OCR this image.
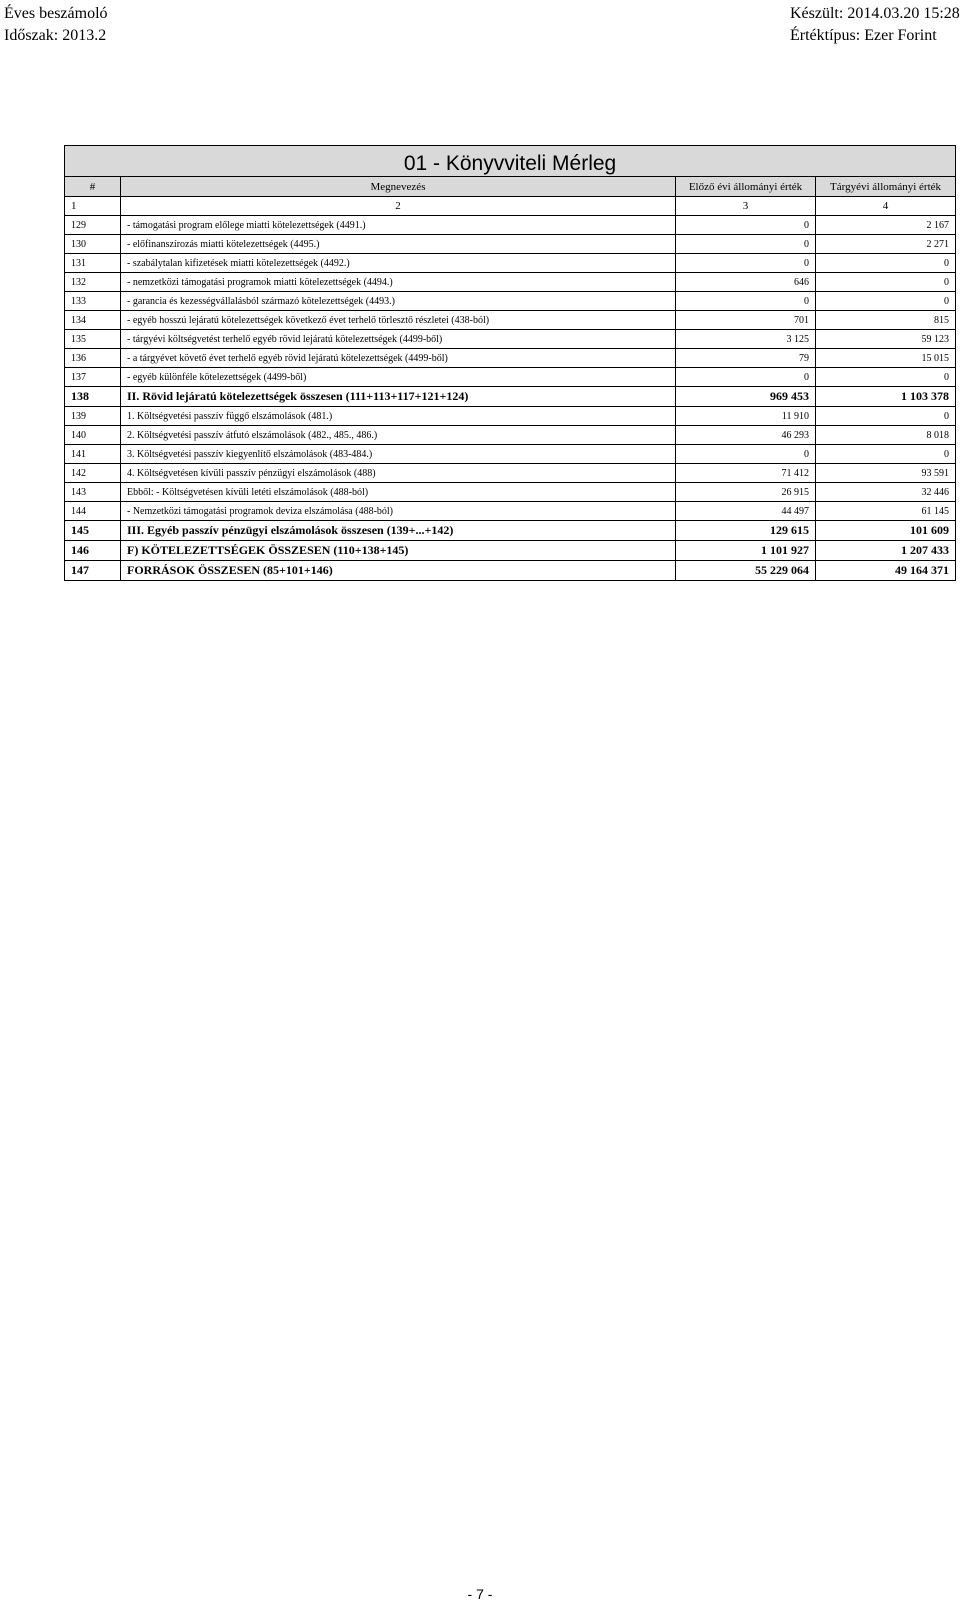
Éves beszámoló
Időszak: 2013.2
Készült: 2014.03.20 15:28
Értéktípus: Ezer Forint
01 - Könyvviteli Mérleg			
#	Megnevezés	Előző évi állományi érték	Tárgyévi állományi érték
1	2	3	4
129	- támogatási program előlege miatti kötelezettségek (4491.)	0	2 167
130	- előfinanszírozás miatti kötelezettségek (4495.)	0	2 271
131	- szabálytalan kifizetések miatti kötelezettségek (4492.)	0	0
132	- nemzetközi támogatási programok miatti kötelezettségek (4494.)	646	0
133	- garancia és kezességvállalásból származó kötelezettségek (4493.)	0	0
134	- egyéb hosszú lejáratú kötelezettségek következő évet terhelő törlesztő részletei (438-ból)	701	815
135	- tárgyévi költségvetést terhelő egyéb rövid lejáratú kötelezettségek (4499-ből)	3 125	59 123
136	- a tárgyévet követő évet terhelő egyéb rövid lejáratú kötelezettségek (4499-ből)	79	15 015
137	- egyéb különféle kötelezettségek (4499-ből)	0	0
138	II. Rövid lejáratú kötelezettségek összesen (111+113+117+121+124)	969 453	1 103 378
139	1. Költségvetési passzív függő elszámolások (481.)	11 910	0
140	2. Költségvetési passzív átfutó elszámolások (482., 485., 486.)	46 293	8 018
141	3. Költségvetési passzív kiegyenlítő elszámolások (483-484.)	0	0
142	4. Költségvetésen kívüli passzív pénzügyi elszámolások (488)	71 412	93 591
143	Ebből: - Költségvetésen kívüli letéti elszámolások (488-ból)	26 915	32 446
144	- Nemzetközi támogatási programok deviza elszámolása (488-ból)	44 497	61 145
145	III. Egyéb passzív pénzügyi elszámolások összesen (139+...+142)	129 615	101 609
146	F) KÖTELEZETTSÉGEK ÖSSZESEN (110+138+145)	1 101 927	1 207 433
147	FORRÁSOK ÖSSZESEN (85+101+146)	55 229 064	49 164 371
- 7 -
